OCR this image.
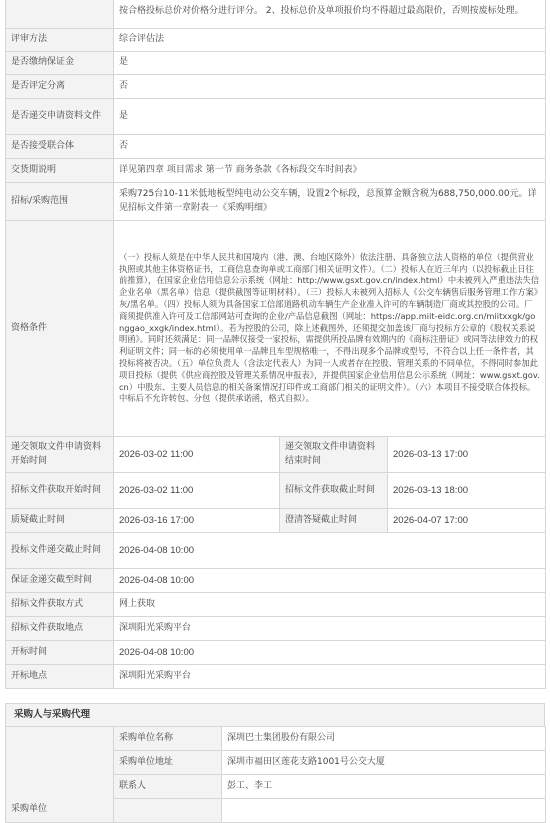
	按合格投标总价对价格分进行评分。 2、投标总价及单项报价均不得超过最高限价，否则按废标处理。		
评审方法	综合评估法		
是否缴纳保证金	是		
是否评定分离	否		
是否递交申请资料文件	是		
是否接受联合体	否		
交货期说明	详见第四章 项目需求 第一节 商务条款《各标段交车时间表》		
招标/采购范围	采购725台10-11米低地板型纯电动公交车辆，设置2个标段，总预算金额含税为688,750,000.00元。详见招标文件第一章附表一《采购明细》		
资格条件	（一）投标人须是在中华人民共和国境内（港、澳、台地区除外）依法注册、具备独立法人资格的单位（提供营业执照或其他主体资格证书，工商信息查询单或工商部门相关证明文件）。（二）投标人在近三年内（以投标截止日往前推算），在国家企业信用信息公示系统（网址：http://www.gsxt.gov.cn/index.html）中未被列入严重违法失信企业名单（黑名单）信息（提供截图等证明材料）。（三）投标人未被列入招标人《公交车辆售后服务管理工作方案》灰/黑名单。（四）投标人须为具备国家工信部道路机动车辆生产企业准入许可的车辆制造厂商或其控股的公司。厂商须提供准入许可及工信部网站可查询的企业/产品信息截图（网址：https://app.miit-eidc.org.cn/miitxxgk/gonggao_xxgk/index.html）。若为控股的公司，除上述截图外，还须提交加盖该厂商与投标方公章的《股权关系说明函》。同时还须满足：同一品牌仅接受一家投标，需提供所投品牌有效期内的《商标注册证》或同等法律效力的权利证明文件；同一标的必须使用单一品牌且车型规格唯一，不得出现多个品牌或型号，不符合以上任一条件者，其投标将被否决。（五）单位负责人（含法定代表人）为同一人或者存在控股、管理关系的不同单位，不得同时参加此项目投标（提供《供应商控股及管理关系情况申报表》，并提供国家企业信用信息公示系统（网址：www.gsxt.gov.cn）中股东、主要人员信息的相关备案情况打印件或工商部门相关的证明文件）。（六）本项目不接受联合体投标。中标后不允许转包、分包（提供承诺函，格式自拟）。		
递交领取文件申请资料开始时间	2026-03-02 11:00	递交领取文件申请资料结束时间	2026-03-13 17:00
招标文件获取开始时间	2026-03-02 11:00	招标文件获取截止时间	2026-03-13 18:00
质疑截止时间	2026-03-16 17:00	澄清答疑截止时间	2026-04-07 17:00
投标文件递交截止时间	2026-04-08 10:00		
保证金递交截至时间	2026-04-08 10:00		
招标文件获取方式	网上获取		
招标文件获取地点	深圳阳光采购平台		
开标时间	2026-04-08 10:00		
开标地点	深圳阳光采购平台		
采购人与采购代理
采购单位	采购单位名称	深圳巴士集团股份有限公司
	采购单位地址	深圳市福田区莲花支路1001号公交大厦
	联系人	彭工、李工
